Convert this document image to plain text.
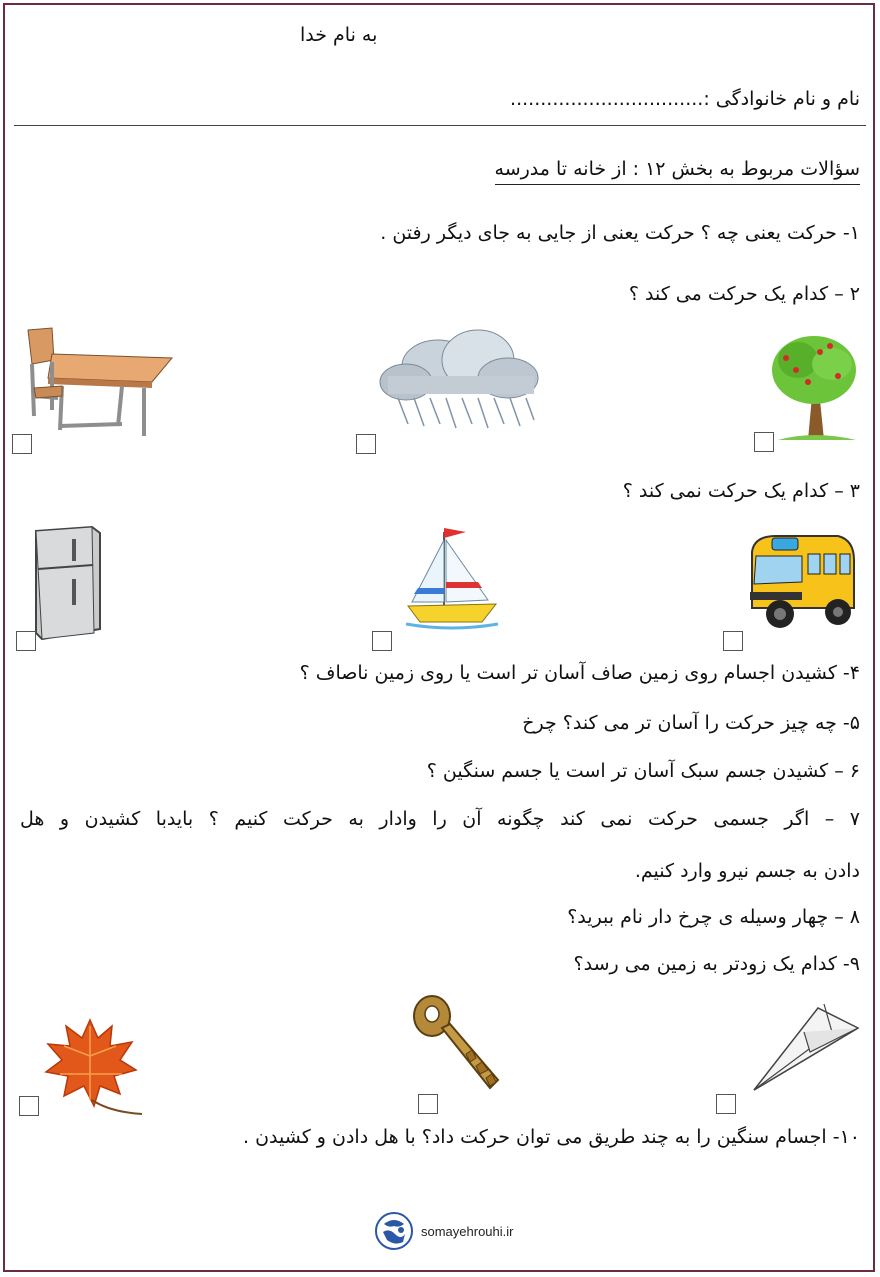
به نام خدا
نام و نام خانوادگی :................................
سؤالات مربوط به بخش ۱۲ : از خانه تا مدرسه
۱- حرکت یعنی چه ؟ حرکت یعنی از جایی به جای دیگر رفتن .
۲ – کدام یک حرکت می کند ؟
۳ – کدام یک حرکت نمی کند ؟
۴- کشیدن اجسام روی زمین صاف آسان تر است یا روی زمین ناصاف ؟
۵- چه چیز حرکت را آسان تر می کند؟ چرخ
۶ – کشیدن جسم سبک آسان تر است یا جسم سنگین ؟
۷ – اگر جسمی حرکت نمی کند چگونه آن را وادار به حرکت کنیم ؟ بایدبا کشیدن و هل
دادن به جسم نیرو وارد کنیم.
۸ – چهار وسیله ی چرخ دار نام ببرید؟
۹- کدام یک زودتر به زمین می رسد؟
۱۰- اجسام سنگین را به چند طریق می توان حرکت داد؟ با هل دادن و کشیدن .
somayehrouhi.ir
